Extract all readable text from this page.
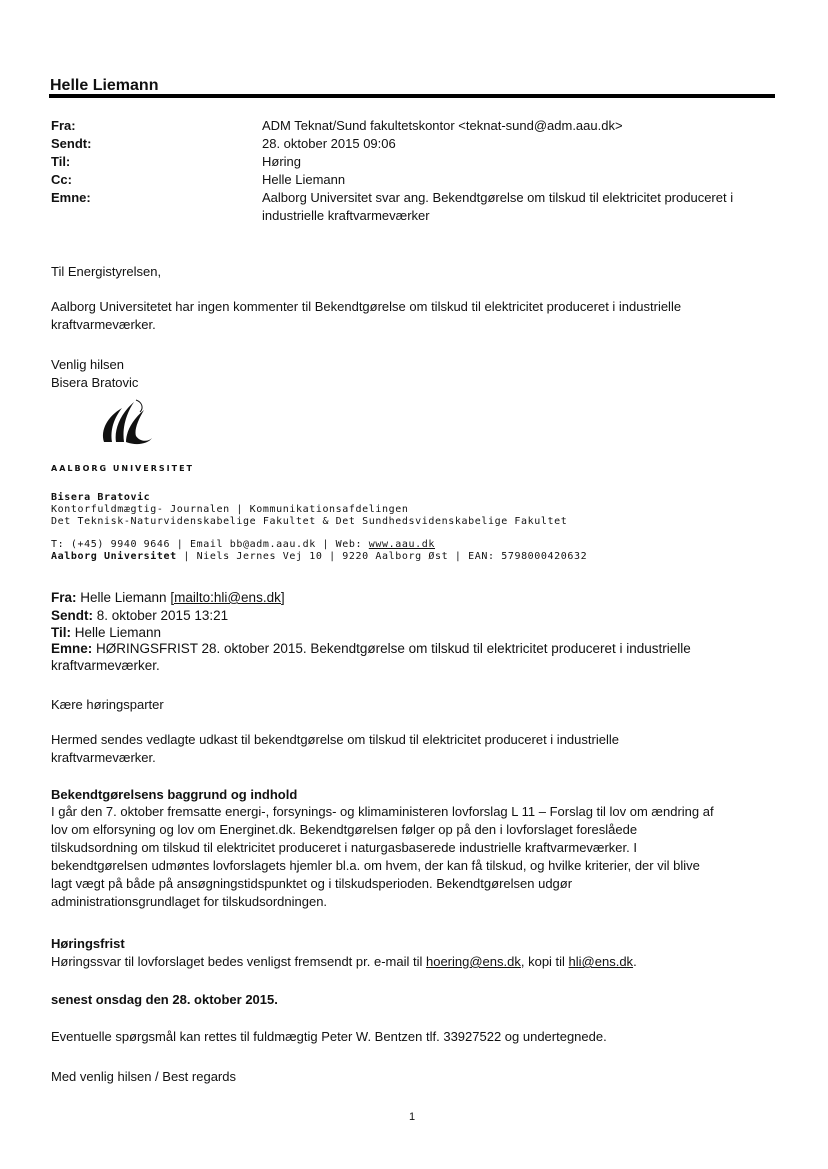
Helle Liemann
Fra:	ADM Teknat/Sund fakultetskontor <teknat-sund@adm.aau.dk>
Sendt:	28. oktober 2015 09:06
Til:	Høring
Cc:	Helle Liemann
Emne:	Aalborg Universitet svar ang. Bekendtgørelse om tilskud til elektricitet produceret i
industrielle kraftvarmeværker
Til Energistyrelsen,
Aalborg Universitetet har ingen kommenter til Bekendtgørelse om tilskud til elektricitet produceret i industrielle
kraftvarmeværker.
Venlig hilsen
Bisera Bratovic
AALBORG UNIVERSITET
Bisera Bratovic
Kontorfuldmægtig- Journalen | Kommunikationsafdelingen
Det Teknisk-Naturvidenskabelige Fakultet & Det Sundhedsvidenskabelige Fakultet
T: (+45) 9940 9646 | Email bb@adm.aau.dk | Web: www.aau.dk
Aalborg Universitet | Niels Jernes Vej 10 | 9220 Aalborg Øst | EAN: 5798000420632
Fra: Helle Liemann [mailto:hli@ens.dk]
Sendt: 8. oktober 2015 13:21
Til: Helle Liemann
Emne: HØRINGSFRIST 28. oktober 2015. Bekendtgørelse om tilskud til elektricitet produceret i industrielle
kraftvarmeværker.
Kære høringsparter
Hermed sendes vedlagte udkast til bekendtgørelse om tilskud til elektricitet produceret i industrielle
kraftvarmeværker.
Bekendtgørelsens baggrund og indhold
I går den 7. oktober fremsatte energi-, forsynings- og klimaministeren lovforslag L 11 – Forslag til lov om ændring af
lov om elforsyning og lov om Energinet.dk. Bekendtgørelsen følger op på den i lovforslaget foreslåede
tilskudsordning om tilskud til elektricitet produceret i naturgasbaserede industrielle kraftvarmeværker. I
bekendtgørelsen udmøntes lovforslagets hjemler bl.a. om hvem, der kan få tilskud, og hvilke kriterier, der vil blive
lagt vægt på både på ansøgningstidspunktet og i tilskudsperioden. Bekendtgørelsen udgør
administrationsgrundlaget for tilskudsordningen.
Høringsfrist
Høringssvar til lovforslaget bedes venligst fremsendt pr. e-mail til hoering@ens.dk, kopi til hli@ens.dk.
senest onsdag den 28. oktober 2015.
Eventuelle spørgsmål kan rettes til fuldmægtig Peter W. Bentzen tlf. 33927522 og undertegnede.
Med venlig hilsen / Best regards
1
